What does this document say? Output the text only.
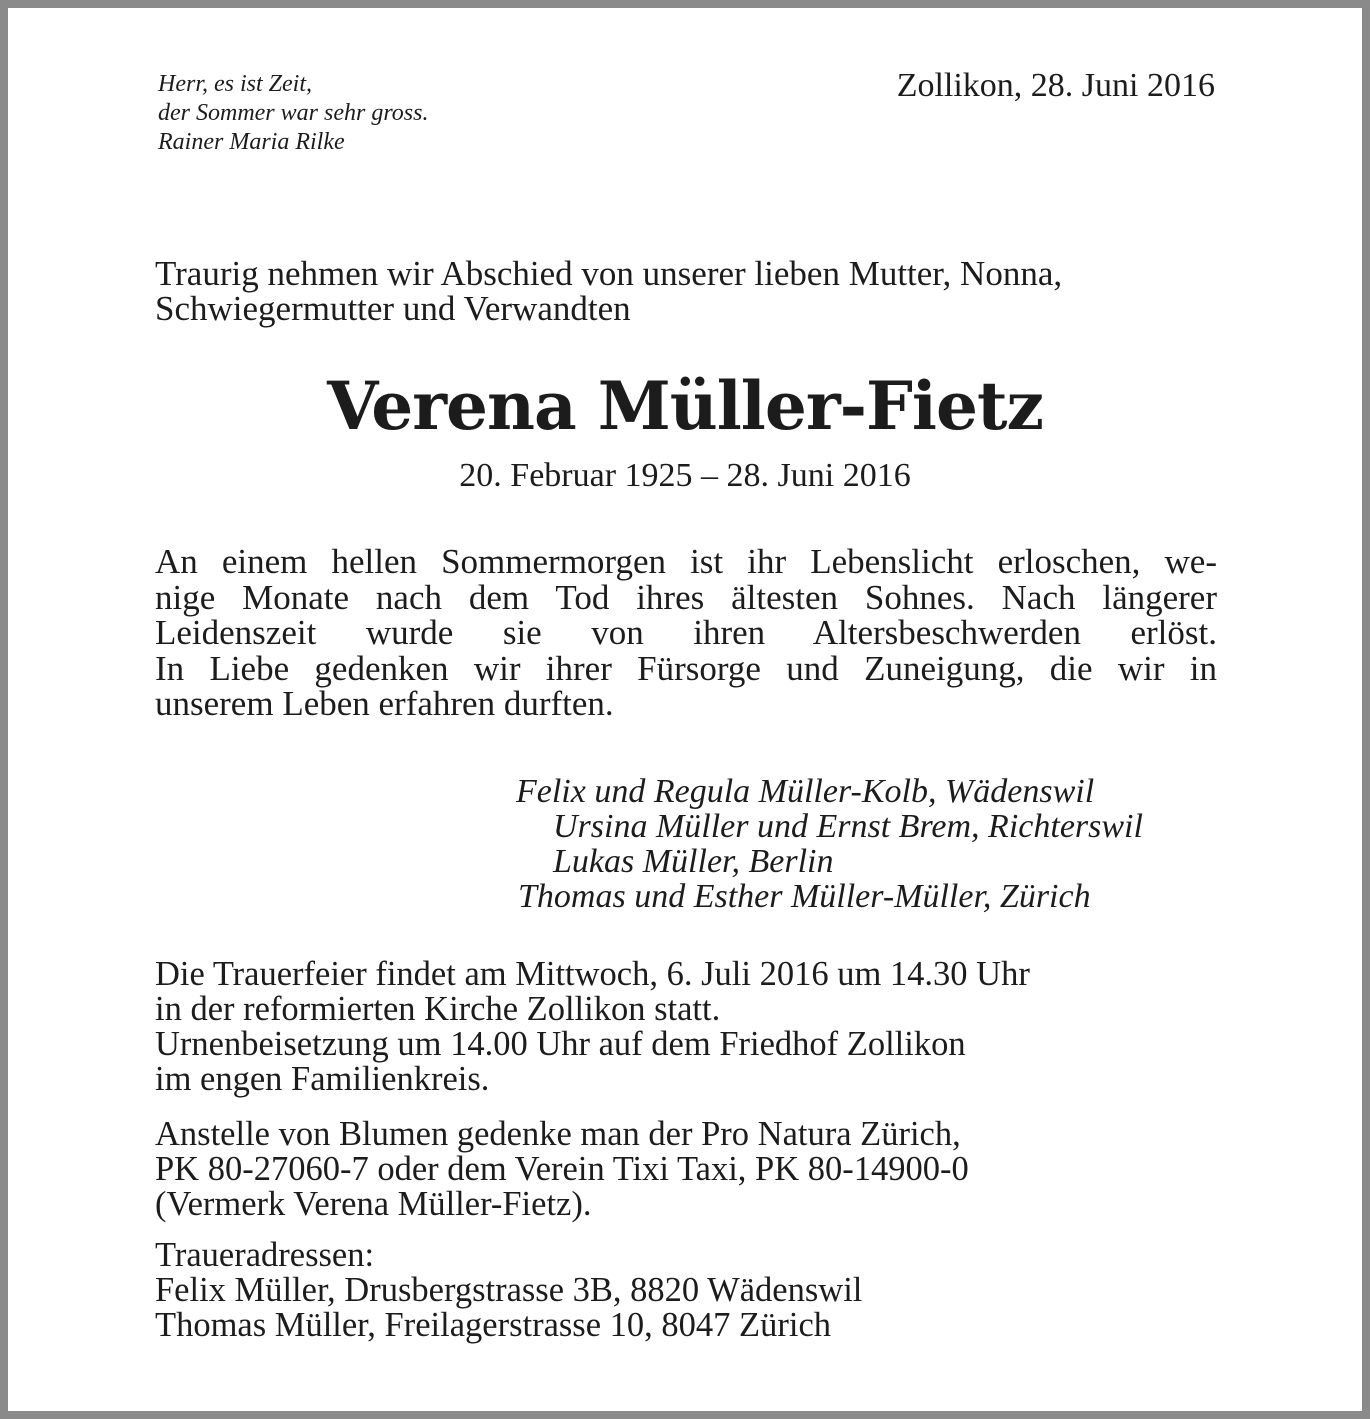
Herr, es ist Zeit,
der Sommer war sehr gross.
Rainer Maria Rilke
Zollikon, 28. Juni 2016
Traurig nehmen wir Abschied von unserer lieben Mutter, Nonna,
Schwiegermutter und Verwandten
Verena Müller-Fietz
20. Februar 1925 – 28. Juni 2016
An einem hellen Sommermorgen ist ihr Lebenslicht erloschen, we-
nige Monate nach dem Tod ihres ältesten Sohnes. Nach längerer
Leidenszeit wurde sie von ihren Altersbeschwerden erlöst.
In Liebe gedenken wir ihrer Fürsorge und Zuneigung, die wir in
unserem Leben erfahren durften.
Felix und Regula Müller-Kolb, Wädenswil
Ursina Müller und Ernst Brem, Richterswil
Lukas Müller, Berlin
Thomas und Esther Müller-Müller, Zürich
Die Trauerfeier findet am Mittwoch, 6. Juli 2016 um 14.30 Uhr
in der reformierten Kirche Zollikon statt.
Urnenbeisetzung um 14.00 Uhr auf dem Friedhof Zollikon
im engen Familienkreis.
Anstelle von Blumen gedenke man der Pro Natura Zürich,
PK 80-27060-7 oder dem Verein Tixi Taxi, PK 80-14900-0
(Vermerk Verena Müller-Fietz).
Traueradressen:
Felix Müller, Drusbergstrasse 3B, 8820 Wädenswil
Thomas Müller, Freilagerstrasse 10, 8047 Zürich
